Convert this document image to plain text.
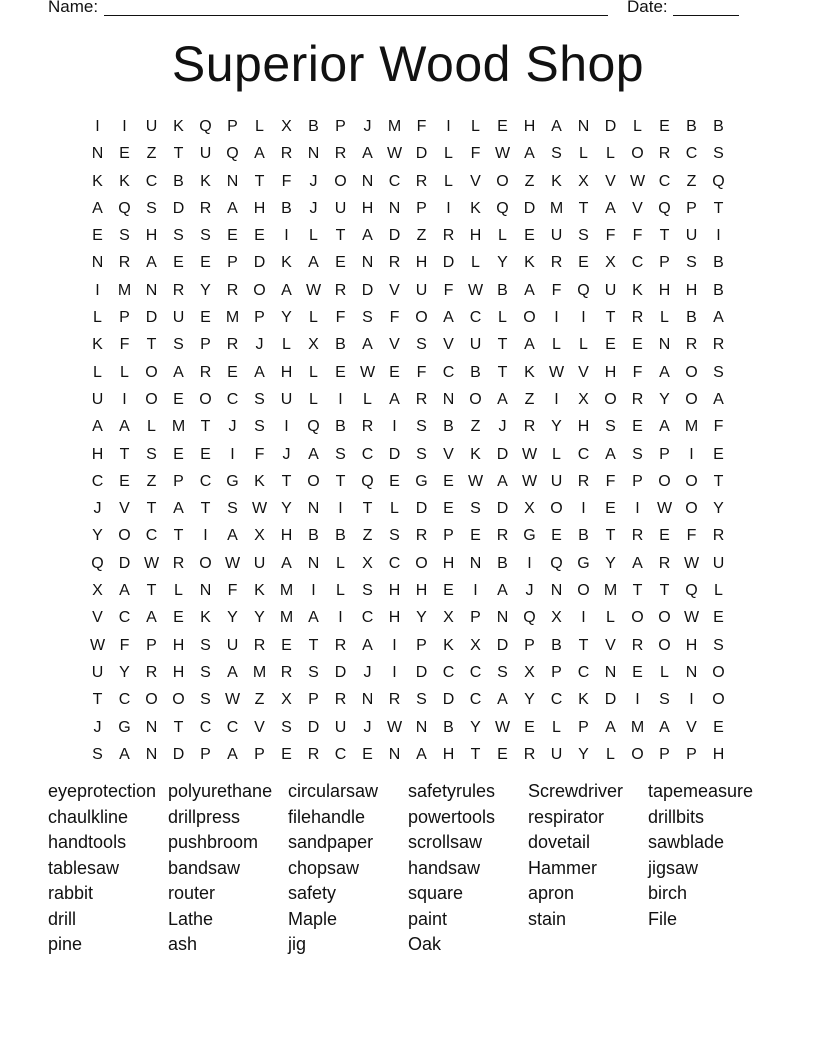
Name:	Date:
Superior Wood Shop
I	I	U K Q P	L	X	B	P	J	M F	I	L	E H A N D	L	E	B	B
N E	Z	T	U Q A R N R A W D	L	F W A	S	L	L	O R C S
K	K C B	K N	T	F	J	O N C R	L	V O Z	K	X	V W C	Z Q
A Q S D R A H B	J	U H N P	I	K Q D M T	A	V Q P	T
E	S H S	S	E	E	I	L	T	A D	Z	R H	L	E U S	F	F	T	U	I
N R A	E	E	P D K	A	E N R H D	L	Y	K R E	X C P	S	B
I	M N R Y R O A W R D V U	F W B	A	F Q U K H H B
L	P D U E M P	Y	L	F	S	F O A C	L	O	I	I	T	R	L	B	A
K	F	T	S	P R	J	L	X	B	A	V	S	V U	T	A	L	L	E	E N R R
L	L	O A R E	A H	L	E W E	F	C B	T	K W V H	F	A O S
U	I	O E O C S U	L	I	L	A R N O A	Z	I	X O R Y O A
A	A	L M T	J	S	I	Q B R	I	S	B	Z	J	R Y H S	E	A M F
H	T	S	E	E	I	F	J	A	S C D S	V	K D W L	C A	S	P	I	E
C E	Z	P C G K	T O T Q E G E W A W U R	F	P O O T
J	V	T	A	T	S W Y N	I	T	L	D E	S D X O	I	E	I	W O Y
Y O C	T	I	A	X H B	B	Z	S R P	E R G E	B	T	R E	F	R
Q D W R O W U A N	L	X C O H N B	I	Q G Y	A R W U
X	A	T	L	N	F	K M	I	L	S H H E	I	A	J	N O M T	T Q	L
V C A	E	K	Y	Y M A	I	C H Y	X	P N Q X	I	L	O O W E
W F	P H S U R E	T	R A	I	P	K	X D P	B	T	V R O H S
U Y R H S	A M R S D	J	I	D C C S	X	P C N E	L	N O
T	C O O S W Z	X	P R N R S D C A	Y C K D	I	S	I	O
J	G N	T	C C V	S D U	J W N B	Y W E	L	P	A M A	V	E
S	A N D P	A	P	E R C E N A H	T	E R U Y	L	O P	P H
eyeprotection polyurethane circularsaw	safetyrules	Screwdriver	tapemeasure
chaulkline	drillpress	filehandle	powertools	respirator	drillbits
handtools	pushbroom	sandpaper	scrollsaw	dovetail	sawblade
tablesaw	bandsaw	chopsaw	handsaw	Hammer	jigsaw
rabbit	router	safety	square	apron	birch
drill	Lathe	Maple	paint	stain	File
pine	ash	jig	Oak
